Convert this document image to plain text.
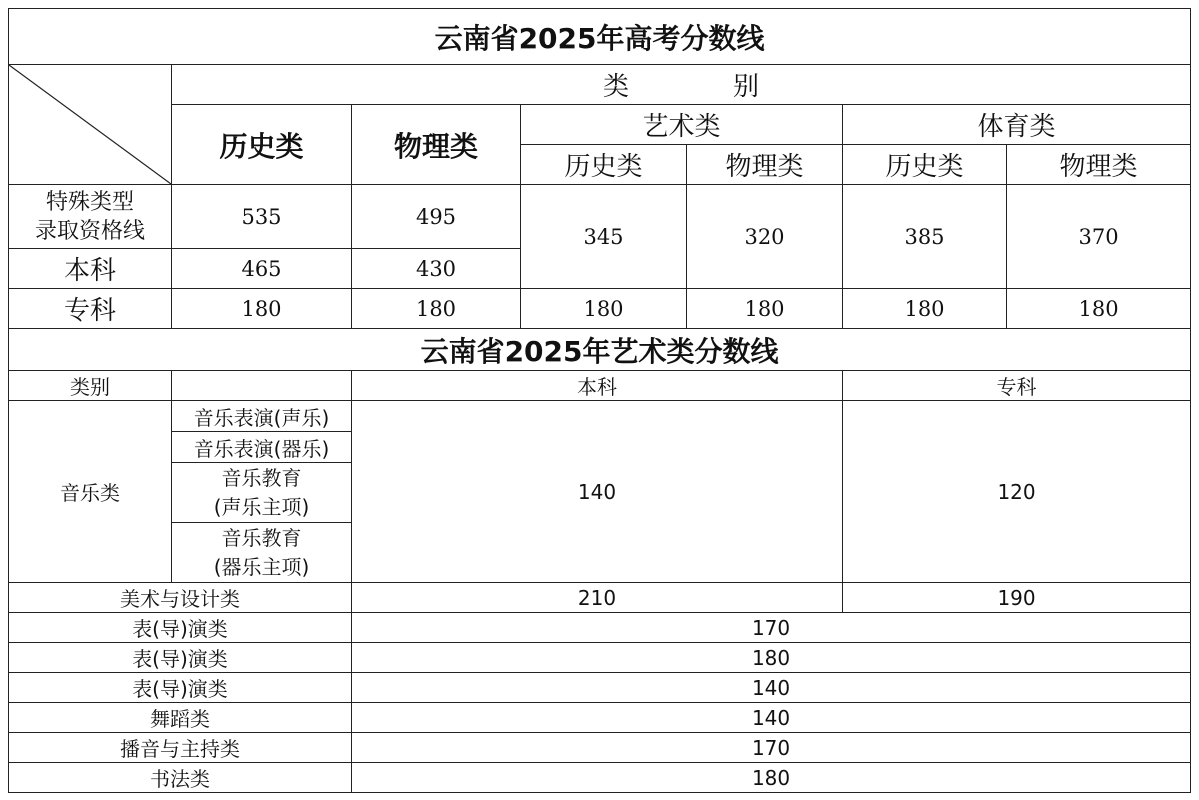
云南省2025年高考分数线						

	类　　　　别					
	历史类	物理类	艺术类		体育类	
			历史类	物理类	历史类	物理类

特殊类型
录取资格线	535	495	345	320	385	370
本科	465	430				
专科	180	180	180	180	180	180
云南省2025年艺术类分数线						
类别		本科			专科	
音乐类	音乐表演(声乐)	140			120	
	音乐表演(器乐)					

	音乐教育
(声乐主项)					

	音乐教育
(器乐主项)					

美术与设计类		210			190	
表(导)演类		170				
表(导)演类		180				
表(导)演类		140				
舞蹈类		140				
播音与主持类		170				
书法类		180				
